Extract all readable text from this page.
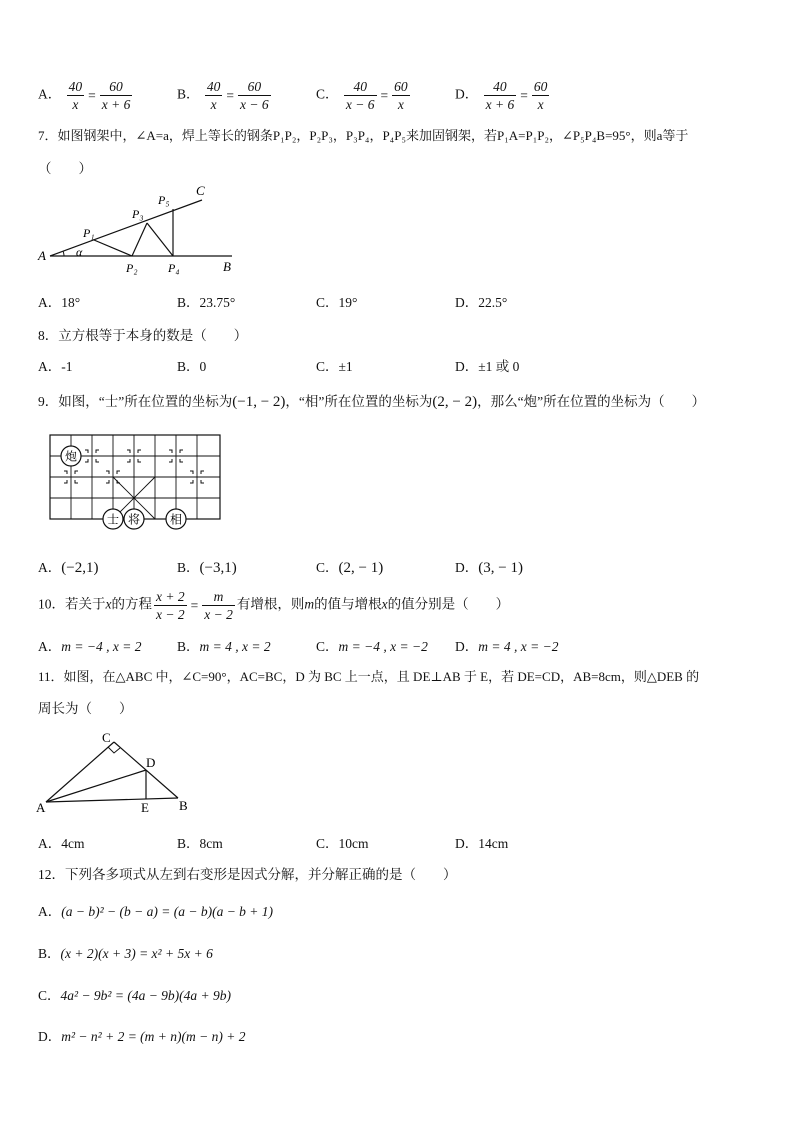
A． $\frac{40}{x} = \frac{60}{x + 6}$	B． $\frac{40}{x} = \frac{60}{x - 6}$	C． $\frac{40}{x - 6} = \frac{60}{x}$	D． $\frac{40}{x + 6} = \frac{60}{x}$
7．如图钢架中，∠A=a，焊上等长的钢条P₁P₂，P₂P₃，P₃P₄，P₄P₅来加固钢架，若P₁A=P₁P₂，∠P₅P₄B=95°，则a等于
（　　）
A
B
C
α
P₁
P₂
P₃
P₄
P₅
A．18°	B．23.75°	C．19°	D．22.5°
8．立方根等于本身的数是（　　）
A．-1	B．0	C．±1	D．±1 或 0
9．如图，“士”所在位置的坐标为(−1, − 2)，“相”所在位置的坐标为(2, − 2)，那么“炮”所在位置的坐标为（　　）
炮
士 将 相
A．(−2,1)	B．(−3,1)	C．(2, − 1)	D．(3, − 1)
10．若关于x的方程 $\frac{x + 2}{x - 2} = \frac{m}{x - 2}$ 有增根，则m的值与增根x的值分别是（　　）
A．m = −4 , x = 2	B．m = 4 , x = 2	C．m = −4 , x = −2 D．m = 4 , x = −2
11．如图，在△ABC 中，∠C=90°，AC=BC，D 为 BC 上一点，且 DE⊥AB 于 E，若 DE=CD，AB=8cm，则△DEB 的
周长为（　　）
A	B
C
D
E
A．4cm	B．8cm	C．10cm	D．14cm
12．下列各多项式从左到右变形是因式分解，并分解正确的是（　　）
A．(a − b)² − (b − a) = (a − b)(a − b + 1)
B．(x + 2)(x + 3) = x² + 5x + 6
C．4a² − 9b² = (4a − 9b)(4a + 9b)
D．m² − n² + 2 = (m + n)(m − n) + 2
